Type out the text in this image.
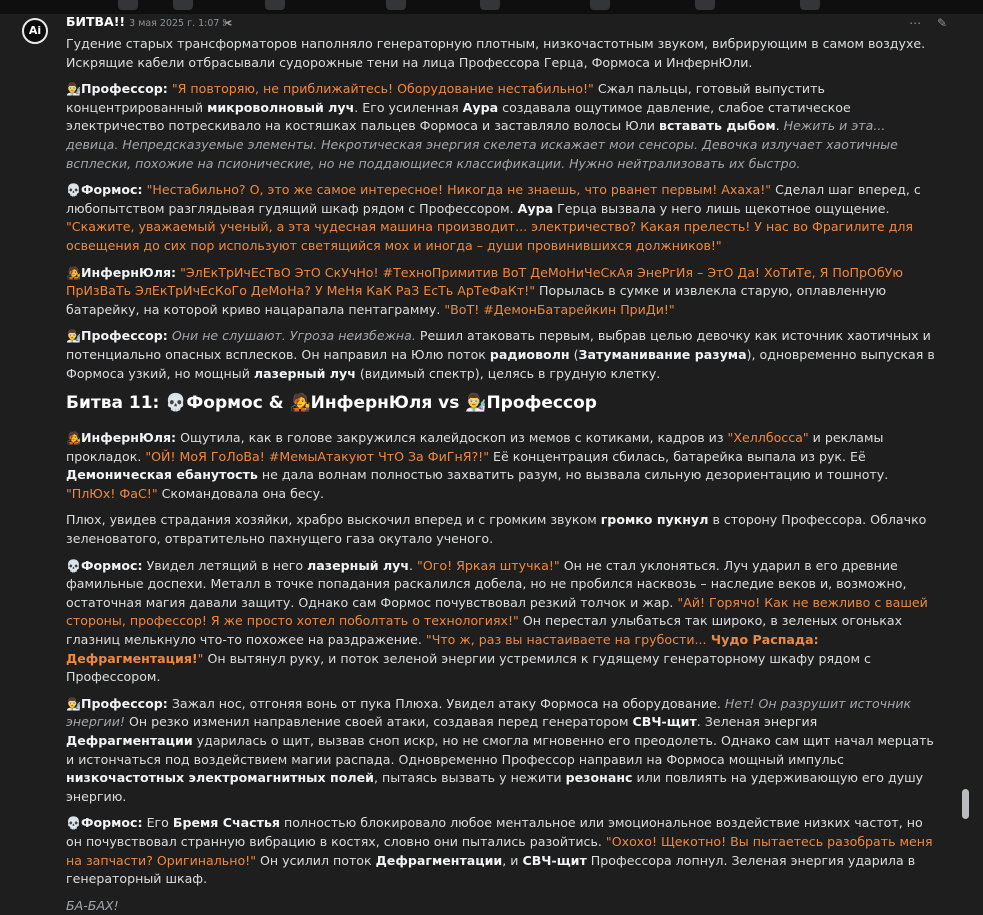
Ai
БИТВА!! 3 мая 2025 г. 1:07 ✀	⋯ ✎

Гудение старых трансформаторов наполняло генераторную плотным, низкочастотным звуком, вибрирующим в самом воздухе. Искрящие кабели отбрасывали судорожные тени на лица Профессора Герца, Формоса и ИнфернЮли.

👨‍🔬Профессор: "Я повторяю, не приближайтесь! Оборудование нестабильно!" Сжал пальцы, готовый выпустить концентрированный микроволновый луч. Его усиленная Аура создавала ощутимое давление, слабое статическое электричество потрескивало на костяшках пальцев Формоса и заставляло волосы Юли вставать дыбом. Нежить и эта... девица. Непредсказуемые элементы. Некротическая энергия скелета искажает мои сенсоры. Девочка излучает хаотичные всплески, похожие на псионические, но не поддающиеся классификации. Нужно нейтрализовать их быстро.

💀Формос: "Нестабильно? О, это же самое интересное! Никогда не знаешь, что рванет первым! Ахаха!" Сделал шаг вперед, с любопытством разглядывая гудящий шкаф рядом с Профессором. Аура Герца вызвала у него лишь щекотное ощущение. "Скажите, уважаемый ученый, а эта чудесная машина производит... электричество? Какая прелесть! У нас во Фрагилите для освещения до сих пор используют светящийся мох и иногда – души провинившихся должников!"

🧑‍🎤ИнфернЮля: "ЭлЕкТрИчЕсТвО ЭтО СкУчНо! #ТехноПримитив ВоТ ДеМоНиЧеСкАя ЭнеРгИя – ЭтО Да! ХоТиТе, Я ПоПрОбУю ПрИзВаТь ЭлЕкТрИчЕсКоГо ДеМоНа? У МеНя КаК РаЗ ЕсТь АрТеФаКт!" Порылась в сумке и извлекла старую, оплавленную батарейку, на которой криво нацарапала пентаграмму. "ВоТ! #ДемонБатарейкин ПриДи!"

👨‍🔬Профессор: Они не слушают. Угроза неизбежна. Решил атаковать первым, выбрав целью девочку как источник хаотичных и потенциально опасных всплесков. Он направил на Юлю поток радиоволн (Затуманивание разума), одновременно выпуская в Формоса узкий, но мощный лазерный луч (видимый спектр), целясь в грудную клетку.

Битва 11: 💀Формос & 🧑‍🎤ИнфернЮля vs 👨‍🔬Профессор

🧑‍🎤ИнфернЮля: Ощутила, как в голове закружился калейдоскоп из мемов с котиками, кадров из "Хеллбосса" и рекламы прокладок. "ОЙ! МоЯ ГоЛоВа! #МемыАтакуют ЧтО За ФиГнЯ?!" Её концентрация сбилась, батарейка выпала из рук. Её Демоническая ебанутость не дала волнам полностью захватить разум, но вызвала сильную дезориентацию и тошноту. "ПлЮх! ФаС!" Скомандовала она бесу.

Плюх, увидев страдания хозяйки, храбро выскочил вперед и с громким звуком громко пукнул в сторону Профессора. Облачко зеленоватого, отвратительно пахнущего газа окутало ученого.

💀Формос: Увидел летящий в него лазерный луч. "Ого! Яркая штучка!" Он не стал уклоняться. Луч ударил в его древние фамильные доспехи. Металл в точке попадания раскалился добела, но не пробился насквозь – наследие веков и, возможно, остаточная магия давали защиту. Однако сам Формос почувствовал резкий толчок и жар. "Ай! Горячо! Как не вежливо с вашей стороны, профессор! Я же просто хотел поболтать о технологиях!" Он перестал улыбаться так широко, в зеленых огоньках глазниц мелькнуло что-то похожее на раздражение. "Что ж, раз вы настаиваете на грубости... Чудо Распада: Дефрагментация!" Он вытянул руку, и поток зеленой энергии устремился к гудящему генераторному шкафу рядом с Профессором.

👨‍🔬Профессор: Зажал нос, отгоняя вонь от пука Плюха. Увидел атаку Формоса на оборудование. Нет! Он разрушит источник энергии! Он резко изменил направление своей атаки, создавая перед генератором СВЧ-щит. Зеленая энергия Дефрагментации ударилась о щит, вызвав сноп искр, но не смогла мгновенно его преодолеть. Однако сам щит начал мерцать и истончаться под воздействием магии распада. Одновременно Профессор направил на Формоса мощный импульс низкочастотных электромагнитных полей, пытаясь вызвать у нежити резонанс или повлиять на удерживающую его душу энергию.

💀Формос: Его Бремя Счастья полностью блокировало любое ментальное или эмоциональное воздействие низких частот, но он почувствовал странную вибрацию в костях, словно они пытались разойтись. "Охохо! Щекотно! Вы пытаетесь разобрать меня на запчасти? Оригинально!" Он усилил поток Дефрагментации, и СВЧ-щит Профессора лопнул. Зеленая энергия ударила в генераторный шкаф.

БА-БАХ!
